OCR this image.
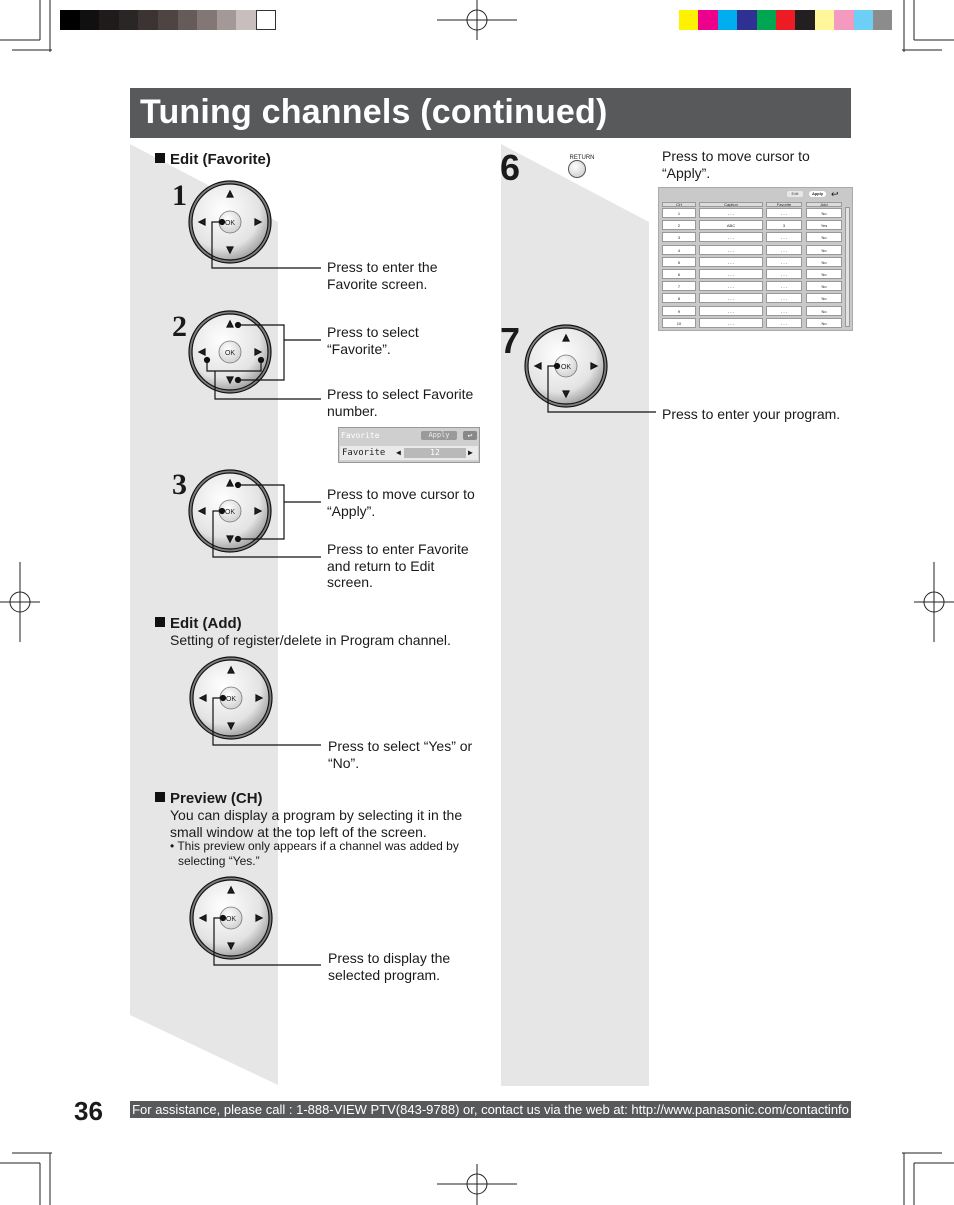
Tuning channels (continued)
Edit (Favorite)
1
2
3
OK
OK
OK
OK
OK
OK
RETURN
Press to enter the
Favorite screen.
Press to select
“Favorite”.
Press to select Favorite
number.
Favorite	Apply	↩
Favorite ◀	12	▶
Press to move cursor to
“Apply”.
Press to enter Favorite
and return to Edit
screen.
Edit (Add)
Setting of register/delete in Program channel.
Press to select “Yes” or
“No”.
Preview (CH)
You can display a program by selecting it in the
small window at the top left of the screen.
• This preview only appears if a channel was added by
selecting “Yes.”
Press to display the
selected program.
6
7
Press to move cursor to
“Apply”.
Press to enter your program.
Edit	Apply ↩
CH	Caption	Favorite	Add
1	- - -	- - -	No
2	ABC	3	Yes
3	- - -	- - -	No
4	- - -	- - -	No
5	- - -	- - -	No
6	- - -	- - -	No
7	- - -	- - -	No
8	- - -	- - -	No
9	- - -	- - -	No
10	- - -	- - -	No
36 For assistance, please call : 1-888-VIEW PTV(843-9788) or, contact us via the web at: http://www.panasonic.com/contactinfo
